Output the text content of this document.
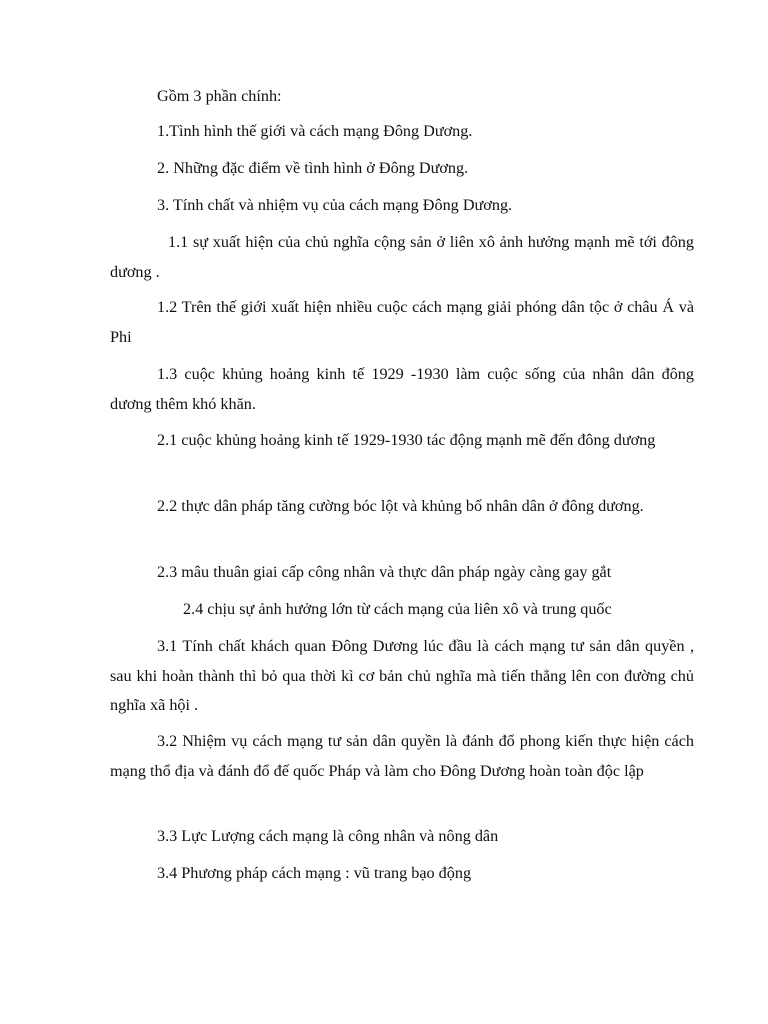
Gồm 3 phần chính:

1.Tình hình thế giới và cách mạng Đông Dương.

2. Những đặc điểm về tình hình ở Đông Dương.

3. Tính chất và nhiệm vụ của cách mạng Đông Dương.

1.1 sự xuất hiện của chủ nghĩa cộng sản ở liên xô ảnh hưởng mạnh mẽ tới đông dương .

1.2 Trên thế giới xuất hiện nhiều cuộc cách mạng giải phóng dân tộc ở châu Á và Phi

1.3 cuộc khủng hoảng kinh tế 1929 -1930 làm cuộc sống của nhân dân đông dương thêm khó khăn.

2.1 cuộc khủng hoảng kinh tế 1929-1930 tác động mạnh mẽ đến đông dương

2.2 thực dân pháp tăng cường bóc lột và khủng bố nhân dân ở đông dương.

2.3 mâu thuân giai cấp công nhân và thực dân pháp ngày càng gay gắt

2.4 chịu sự ảnh hưởng lớn từ cách mạng của liên xô và trung quốc

3.1 Tính chất khách quan Đông Dương lúc đầu là cách mạng tư sản dân quyền , sau khi hoàn thành thì bỏ qua thời kì cơ bản chủ nghĩa mà tiến thẳng lên con đường chủ nghĩa xã hội .

3.2 Nhiệm vụ cách mạng tư sản dân quyền là đánh đổ phong kiến thực hiện cách mạng thổ địa và đánh đổ đế quốc Pháp và làm cho Đông Dương hoàn toàn độc lập

3.3 Lực Lượng cách mạng là công nhân và nông dân

3.4 Phương pháp cách mạng : vũ trang bạo động
